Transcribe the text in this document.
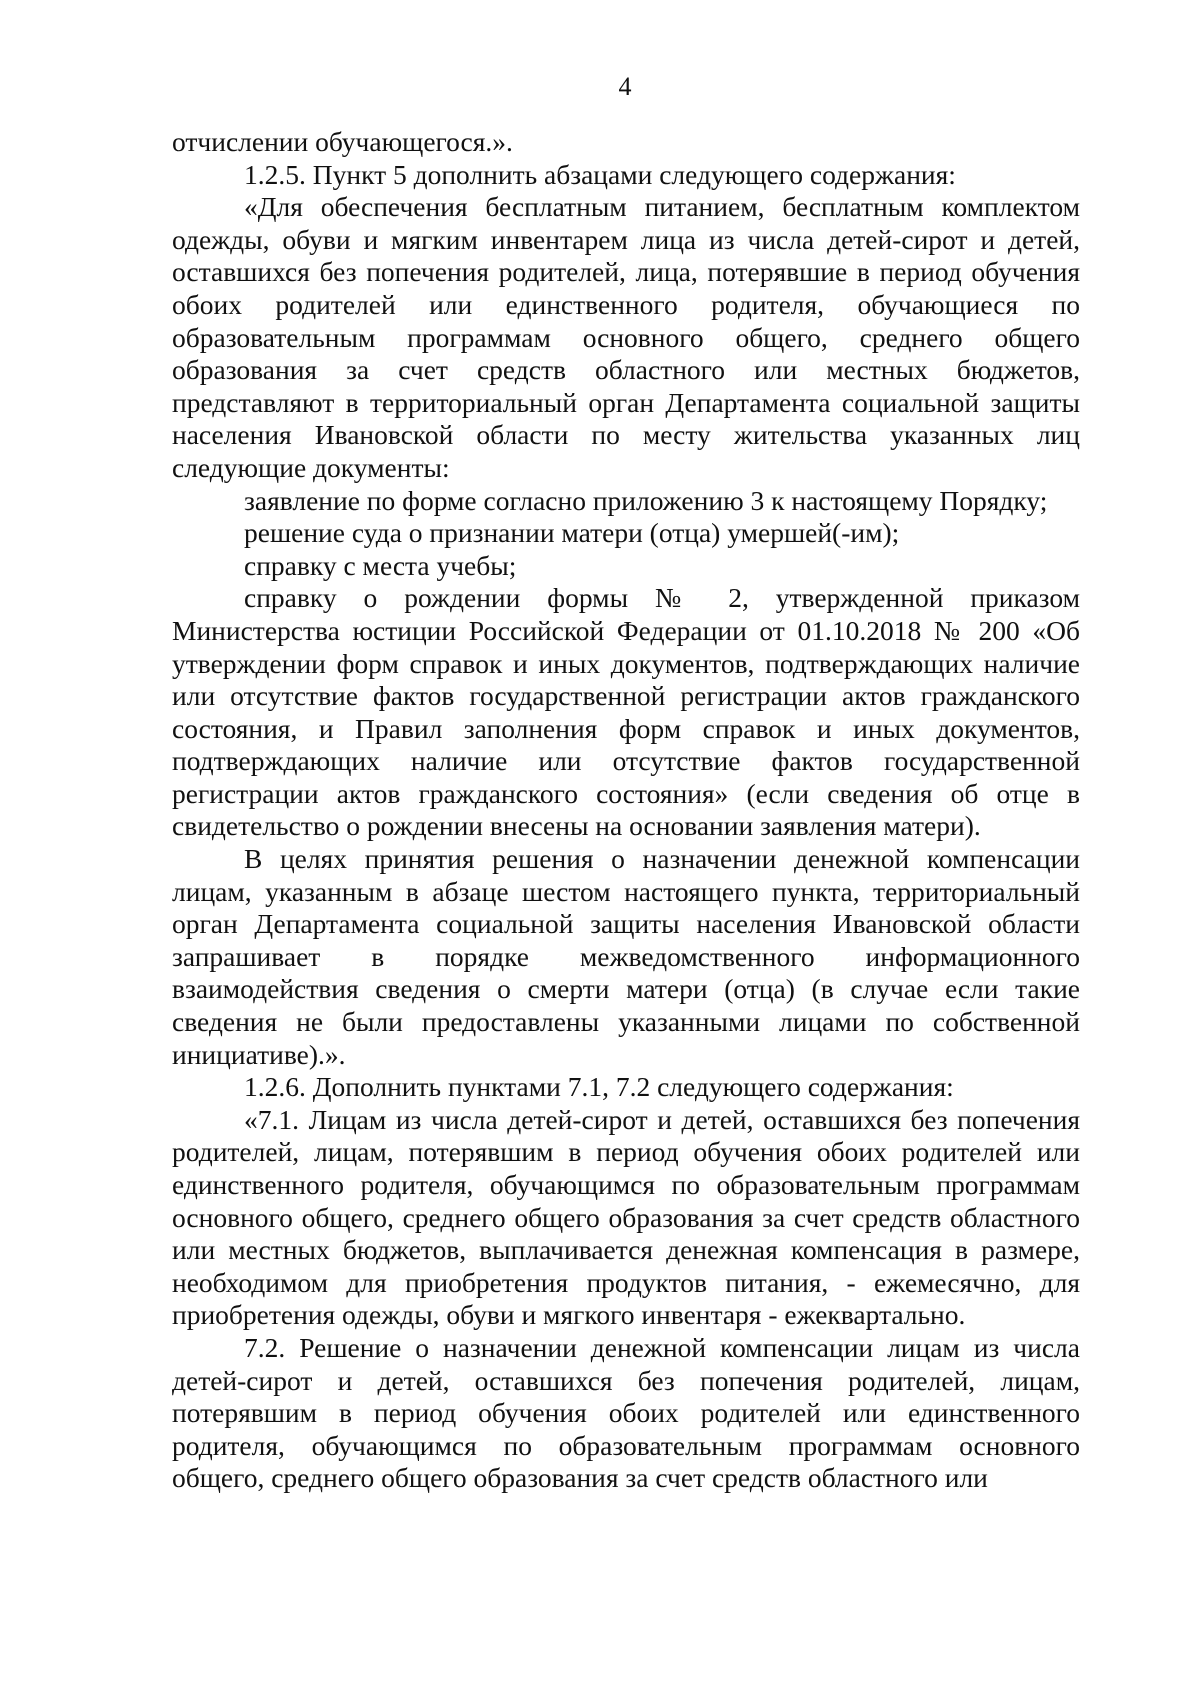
4

отчислении обучающегося.».

1.2.5. Пункт 5 дополнить абзацами следующего содержания:

«Для обеспечения бесплатным питанием, бесплатным комплектом одежды, обуви и мягким инвентарем лица из числа детей-сирот и детей, оставшихся без попечения родителей, лица, потерявшие в период обучения обоих родителей или единственного родителя, обучающиеся по образовательным программам основного общего, среднего общего образования за счет средств областного или местных бюджетов, представляют в территориальный орган Департамента социальной защиты населения Ивановской области по месту жительства указанных лиц следующие документы:

заявление по форме согласно приложению 3 к настоящему Порядку;

решение суда о признании матери (отца) умершей(-им);

справку с места учебы;

справку о рождении формы № 2, утвержденной приказом Министерства юстиции Российской Федерации от 01.10.2018 № 200 «Об утверждении форм справок и иных документов, подтверждающих наличие или отсутствие фактов государственной регистрации актов гражданского состояния, и Правил заполнения форм справок и иных документов, подтверждающих наличие или отсутствие фактов государственной регистрации актов гражданского состояния» (если сведения об отце в свидетельство о рождении внесены на основании заявления матери).

В целях принятия решения о назначении денежной компенсации лицам, указанным в абзаце шестом настоящего пункта, территориальный орган Департамента социальной защиты населения Ивановской области запрашивает в порядке межведомственного информационного взаимодействия сведения о смерти матери (отца) (в случае если такие сведения не были предоставлены указанными лицами по собственной инициативе).».

1.2.6. Дополнить пунктами 7.1, 7.2 следующего содержания:

«7.1. Лицам из числа детей-сирот и детей, оставшихся без попечения родителей, лицам, потерявшим в период обучения обоих родителей или единственного родителя, обучающимся по образовательным программам основного общего, среднего общего образования за счет средств областного или местных бюджетов, выплачивается денежная компенсация в размере, необходимом для приобретения продуктов питания, - ежемесячно, для приобретения одежды, обуви и мягкого инвентаря - ежеквартально.

7.2. Решение о назначении денежной компенсации лицам из числа детей-сирот и детей, оставшихся без попечения родителей, лицам, потерявшим в период обучения обоих родителей или единственного родителя, обучающимся по образовательным программам основного общего, среднего общего образования за счет средств областного или
